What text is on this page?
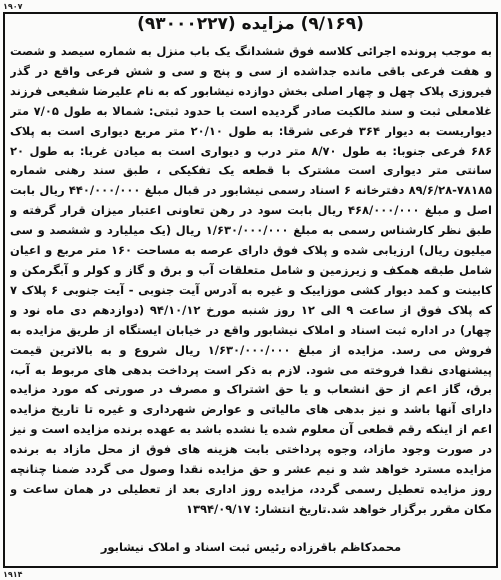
۱۹۰۷
(۹/۱۶۹) مزایده (۹۳۰۰۰۲۲۷)
به موجب پرونده اجرائی کلاسه فوق ششدانگ یک باب منزل به شماره سیصد و شصت و هفت فرعی باقی مانده جداشده از سی و پنج و سی و شش فرعی واقع در گذر فیروزی پلاک چهل و چهار اصلی بخش دوازده نیشابور که به نام علیرضا شفیعی فرزند غلامعلی ثبت و سند مالکیت صادر گردیده است با حدود ثبتی: شمالا به طول ۷/۰۵ متر دیواریست به دیوار ۳۶۴ فرعی شرقا: به طول ۲۰/۱۰ متر مربع دیواری است به پلاک ۶۸۶ فرعی جنوبا: به طول ۸/۷۰ متر درب و دیواری است به میادن غربا: به طول ۲۰ سانتی متر دیواری است مشترک با قطعه یک تفکیکی ، طبق سند رهنی شماره ۷۸۱۸۵-۸۹/۶/۲۸ دفترخانه ۶ اسناد رسمی نیشابور در قبال مبلغ ۴۴۰/۰۰۰/۰۰۰ ریال بابت اصل و مبلغ ۴۶۸/۰۰۰/۰۰۰ ریال بابت سود در رهن تعاونی اعتبار میزان قرار گرفته و طبق نظر کارشناس رسمی به مبلغ ۱/۶۳۰/۰۰۰/۰۰۰ ریال (یک میلیارد و ششصد و سی میلیون ریال) ارزیابی شده و پلاک فوق دارای عرصه به مساحت ۱۶۰ متر مربع و اعیان شامل طبقه همکف و زیرزمین و شامل متعلقات آب و برق و گاز و کولر و آبگرمکن و کابینت و کمد دیوار کشی موزاییک و غیره به آدرس آیت جنوبی - آیت جنوبی ۶ پلاک ۷ که پلاک فوق از ساعت ۹ الی ۱۲ روز شنبه مورخ ۹۴/۱۰/۱۲ (دوازدهم دی ماه نود و چهار) در اداره ثبت اسناد و املاک نیشابور واقع در خیابان ایستگاه از طریق مزایده به فروش می رسد. مزایده از مبلغ ۱/۶۳۰/۰۰۰/۰۰۰ ریال شروع و به بالاترین قیمت پیشنهادی نقدا فروخته می شود. لازم به ذکر است پرداخت بدهی های مربوط به آب، برق، گاز اعم از حق انشعاب و یا حق اشتراک و مصرف در صورتی که مورد مزایده دارای آنها باشد و نیز بدهی های مالیاتی و عوارض شهرداری و غیره تا تاریخ مزایده اعم از اینکه رقم قطعی آن معلوم شده یا نشده باشد به عهده برنده مزایده است و نیز در صورت وجود مازاد، وجوه پرداختی بابت هزینه های فوق از محل مازاد به برنده مزایده مسترد خواهد شد و نیم عشر و حق مزایده نقدا وصول می گردد ضمنا چنانچه روز مزایده تعطیل رسمی گردد، مزایده روز اداری بعد از تعطیلی در همان ساعت و مکان مقرر برگزار خواهد شد.تاریخ انتشار: ۱۳۹۴/۰۹/۱۷
محمدکاظم باقرزاده رئیس ثبت اسناد و املاک نیشابور
۱۹۱۴
